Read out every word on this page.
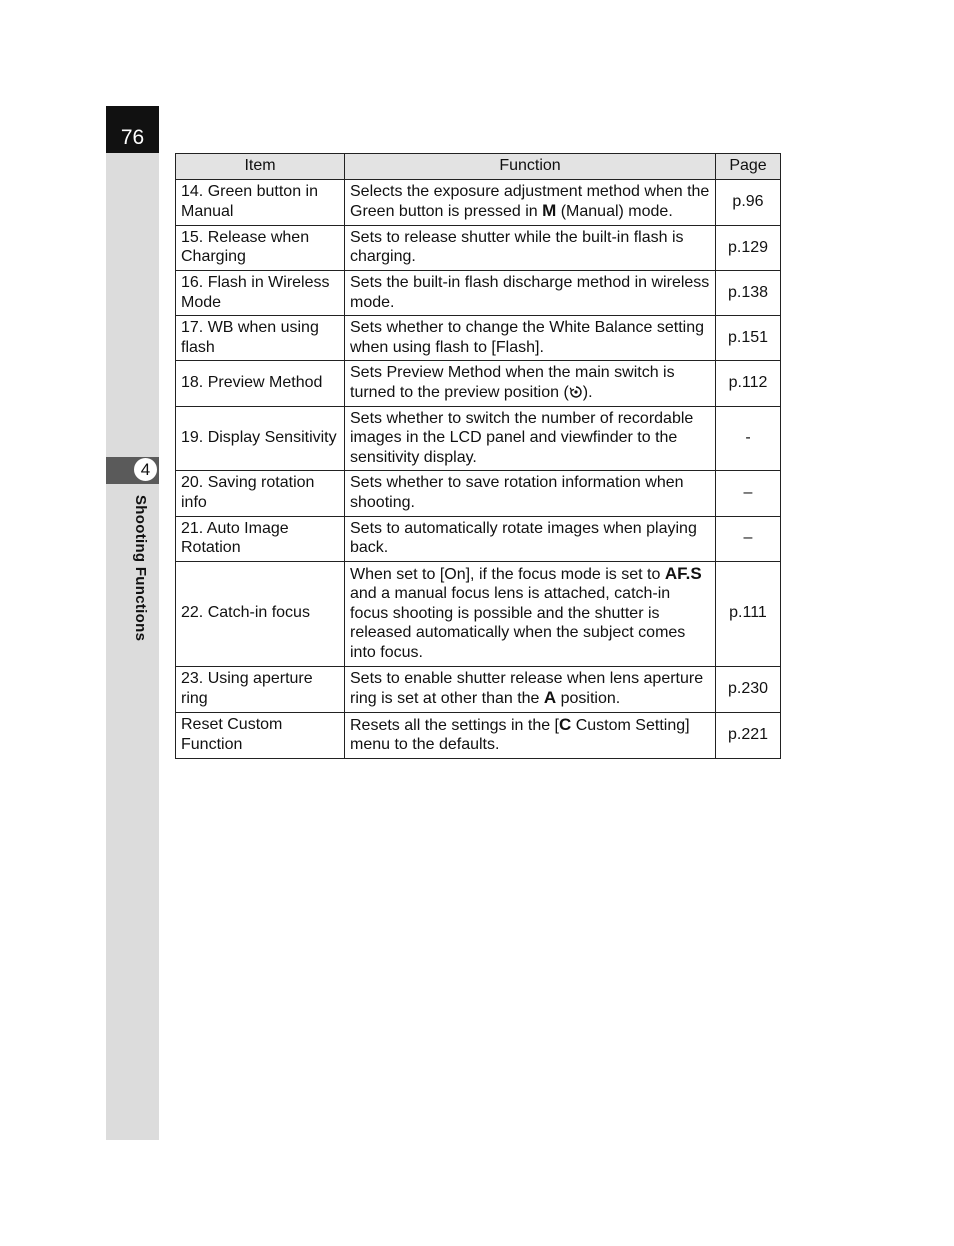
76
4
Shooting Functions
Item	Function	Page
14. Green button in Manual	Selects the exposure adjustment method when the Green button is pressed in M (Manual) mode.	p.96
15. Release when Charging	Sets to release shutter while the built-in flash is charging.	p.129
16. Flash in Wireless Mode	Sets the built-in flash discharge method in wireless mode.	p.138
17. WB when using flash	Sets whether to change the White Balance setting when using flash to [Flash].	p.151
18. Preview Method	Sets Preview Method when the main switch is turned to the preview position ( ).	p.112
19. Display Sensitivity	Sets whether to switch the number of recordable images in the LCD panel and viewfinder to the sensitivity display.	-
20. Saving rotation info	Sets whether to save rotation information when shooting.	–
21. Auto Image Rotation	Sets to automatically rotate images when playing back.	–
22. Catch-in focus	When set to [On], if the focus mode is set to AF.S and a manual focus lens is attached, catch-in focus shooting is possible and the shutter is released automatically when the subject comes into focus.	p.111
23. Using aperture ring	Sets to enable shutter release when lens aperture ring is set at other than the A position.	p.230
Reset Custom Function	Resets all the settings in the [C Custom Setting] menu to the defaults.	p.221
